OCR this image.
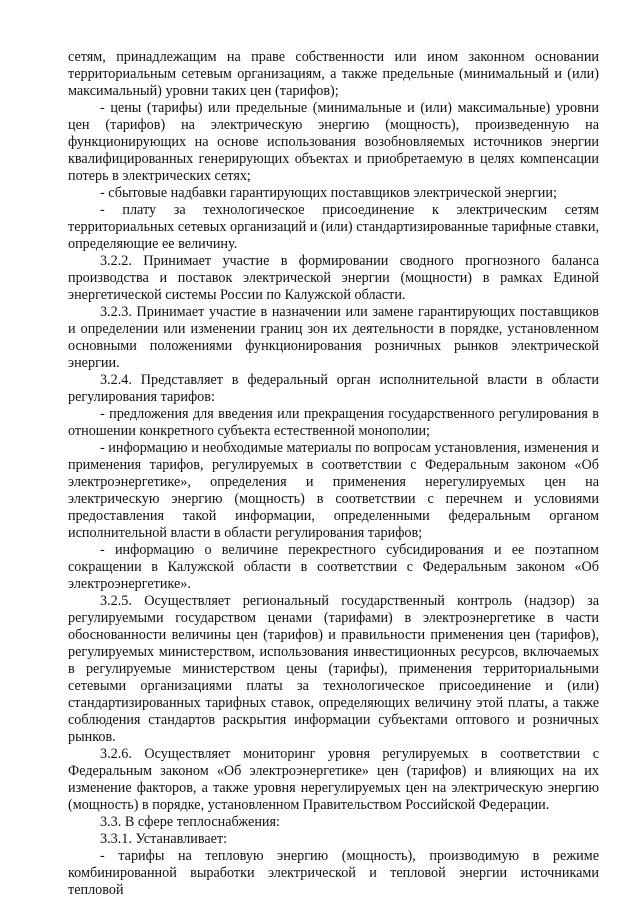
сетям, принадлежащим на праве собственности или ином законном основании территориальным сетевым организациям, а также предельные (минимальный и (или) максимальный) уровни таких цен (тарифов);

- цены (тарифы) или предельные (минимальные и (или) максимальные) уровни цен (тарифов) на электрическую энергию (мощность), произведенную на функционирующих на основе использования возобновляемых источников энергии квалифицированных генерирующих объектах и приобретаемую в целях компенсации потерь в электрических сетях;

- сбытовые надбавки гарантирующих поставщиков электрической энергии;

- плату за технологическое присоединение к электрическим сетям территориальных сетевых организаций и (или) стандартизированные тарифные ставки, определяющие ее величину.

3.2.2. Принимает участие в формировании сводного прогнозного баланса производства и поставок электрической энергии (мощности) в рамках Единой энергетической системы России по Калужской области.

3.2.3. Принимает участие в назначении или замене гарантирующих поставщиков и определении или изменении границ зон их деятельности в порядке, установленном основными положениями функционирования розничных рынков электрической энергии.

3.2.4. Представляет в федеральный орган исполнительной власти в области регулирования тарифов:

- предложения для введения или прекращения государственного регулирования в отношении конкретного субъекта естественной монополии;

- информацию и необходимые материалы по вопросам установления, изменения и применения тарифов, регулируемых в соответствии с Федеральным законом «Об электроэнергетике», определения и применения нерегулируемых цен на электрическую энергию (мощность) в соответствии с перечнем и условиями предоставления такой информации, определенными федеральным органом исполнительной власти в области регулирования тарифов;

- информацию о величине перекрестного субсидирования и ее поэтапном сокращении в Калужской области в соответствии с Федеральным законом «Об электроэнергетике».

3.2.5. Осуществляет региональный государственный контроль (надзор) за регулируемыми государством ценами (тарифами) в электроэнергетике в части обоснованности величины цен (тарифов) и правильности применения цен (тарифов), регулируемых министерством, использования инвестиционных ресурсов, включаемых в регулируемые министерством цены (тарифы), применения территориальными сетевыми организациями платы за технологическое присоединение и (или) стандартизированных тарифных ставок, определяющих величину этой платы, а также соблюдения стандартов раскрытия информации субъектами оптового и розничных рынков.

3.2.6. Осуществляет мониторинг уровня регулируемых в соответствии с Федеральным законом «Об электроэнергетике» цен (тарифов) и влияющих на их изменение факторов, а также уровня нерегулируемых цен на электрическую энергию (мощность) в порядке, установленном Правительством Российской Федерации.

3.3. В сфере теплоснабжения:

3.3.1. Устанавливает:

- тарифы на тепловую энергию (мощность), производимую в режиме комбинированной выработки электрической и тепловой энергии источниками тепловой
